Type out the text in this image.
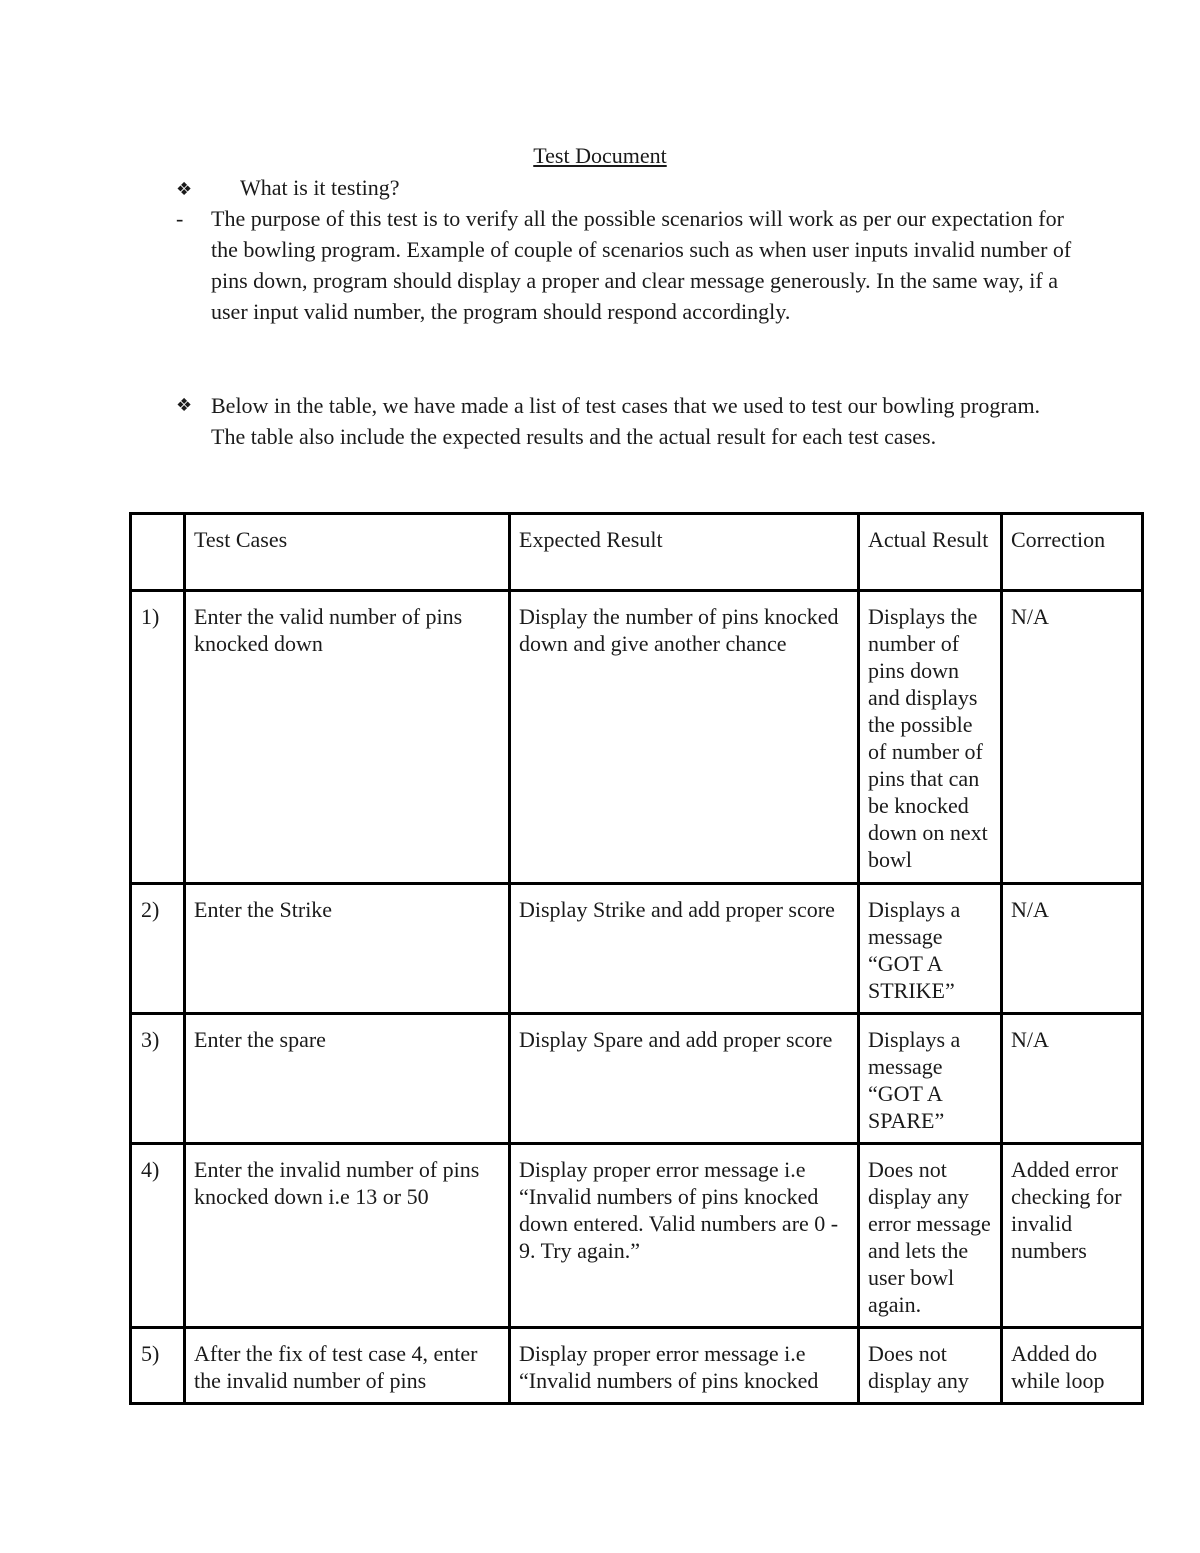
Test Document
❖ What is it testing?
- The purpose of this test is to verify all the possible scenarios will work as per our expectation for the bowling program. Example of couple of scenarios such as when user inputs invalid number of pins down, program should display a proper and clear message generously. In the same way, if a user input valid number, the program should respond accordingly.
❖ Below in the table, we have made a list of test cases that we used to test our bowling program. The table also include the expected results and the actual result for each test cases.
	Test Cases	Expected Result	Actual Result	Correction
1)	Enter the valid number of pins knocked down	Display the number of pins knocked down and give another chance	Displays the number of pins down and displays the possible of number of pins that can be knocked down on next bowl	N/A
2)	Enter the Strike	Display Strike and add proper score	Displays a message “GOT A STRIKE”	N/A
3)	Enter the spare	Display Spare and add proper score	Displays a message “GOT A SPARE”	N/A
4)	Enter the invalid number of pins knocked down i.e 13 or 50	Display proper error message i.e “Invalid numbers of pins knocked down entered. Valid numbers are 0 - 9. Try again.”	Does not display any error message and lets the user bowl again.	Added error checking for invalid numbers
5)	After the fix of test case 4, enter the invalid number of pins	Display proper error message i.e “Invalid numbers of pins knocked	Does not display any	Added do while loop
